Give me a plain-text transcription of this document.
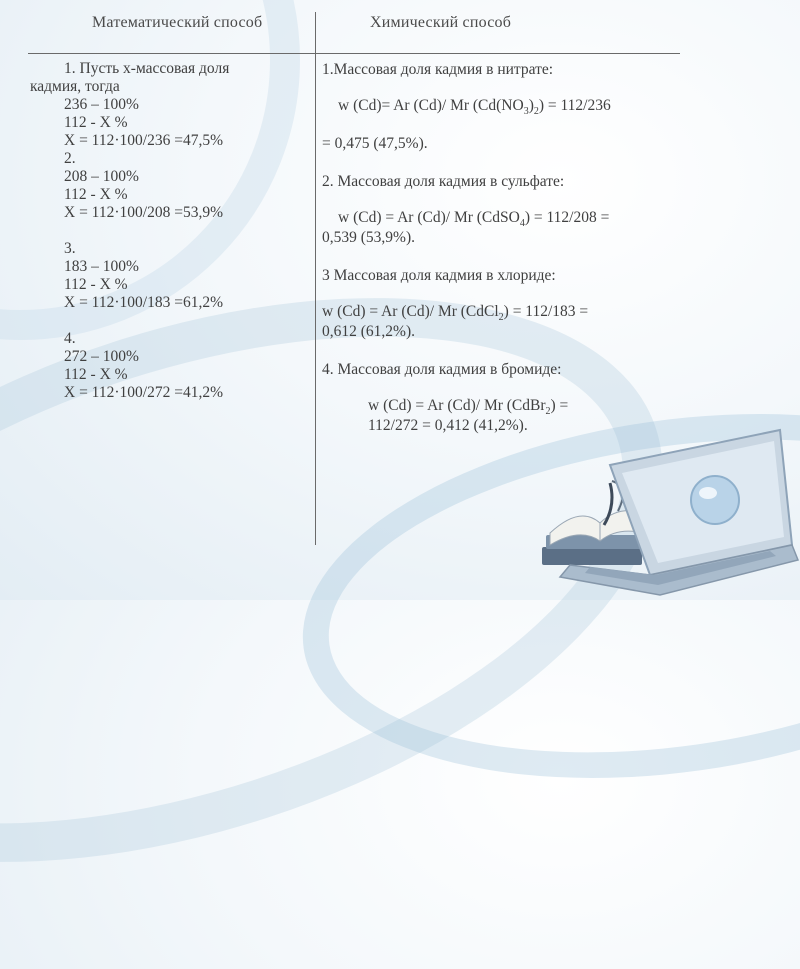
Математический способ	Химический способ
1. Пусть х-массовая доля
кадмия, тогда
236 – 100%
112 - Х %
Х = 112·100/236 =47,5%
2.
208 – 100%
112 - Х %
Х = 112·100/208 =53,9%
3.
183 – 100%
112 - Х %
Х = 112·100/183 =61,2%
4.
272 – 100%
112 - Х %
Х = 112·100/272 =41,2%
1.Массовая доля кадмия в нитрате:
w (Cd)= Ar (Cd)/ Mr $(Cd(NO_3)_2) = 112/236$
= 0,475 (47,5%).
2. Массовая доля кадмия в сульфате:
w (Cd) = Ar (Cd)/ Mr (CdSO$_4$) = 112/208 =
0,539 (53,9%).
3 Массовая доля кадмия в хлориде:
w (Cd) = Ar (Cd)/ Mr (CdCl$_2$) = 112/183 =
0,612 (61,2%).
4. Массовая доля кадмия в бромиде:
w (Cd) = Ar (Cd)/ Mr (CdBr$_2$) =
112/272 = 0,412 (41,2%).
